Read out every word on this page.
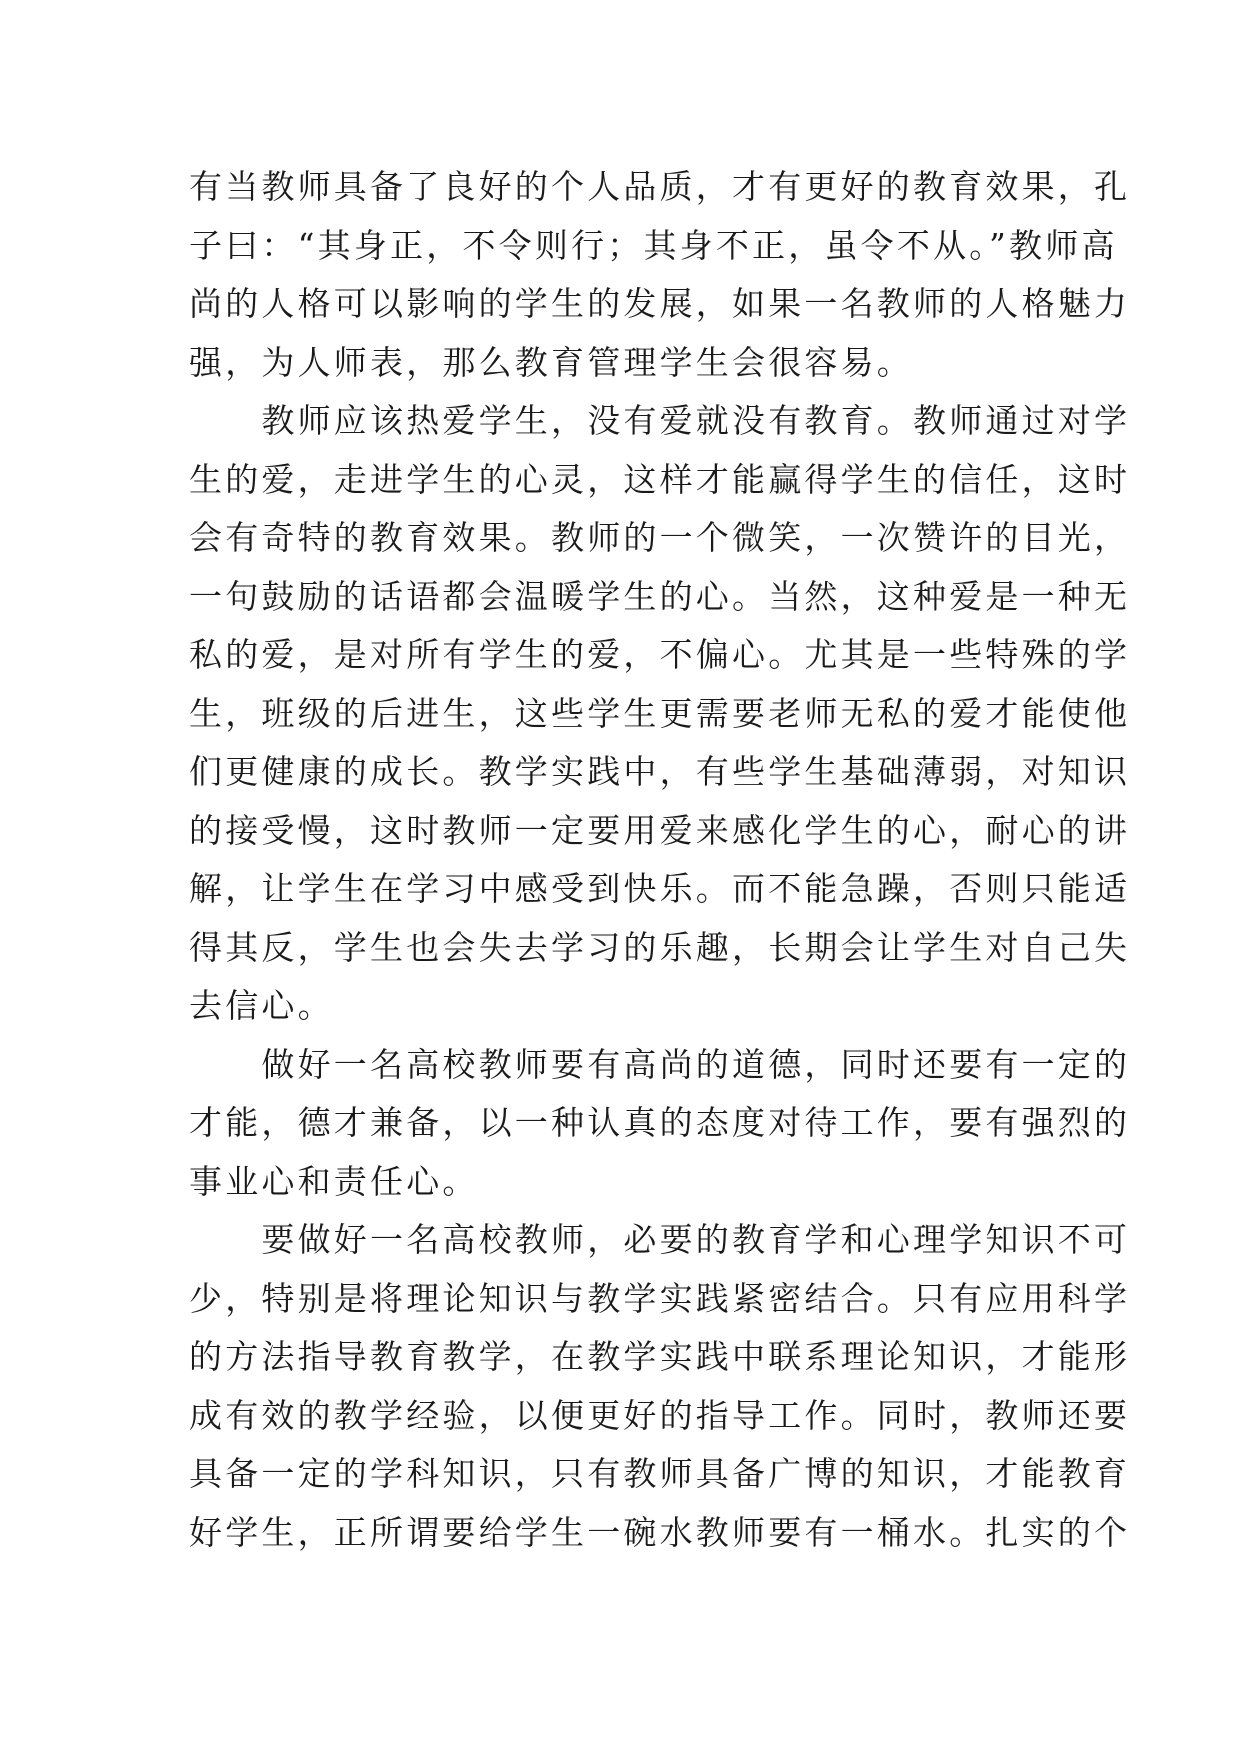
有当教师具备了良好的个人品质，才有更好的教育效果，孔
子曰：“其身正，不令则行；其身不正，虽令不从。”教师高
尚的人格可以影响的学生的发展，如果一名教师的人格魅力
强，为人师表，那么教育管理学生会很容易。
　　教师应该热爱学生，没有爱就没有教育。教师通过对学
生的爱，走进学生的心灵，这样才能赢得学生的信任，这时
会有奇特的教育效果。教师的一个微笑，一次赞许的目光，
一句鼓励的话语都会温暖学生的心。当然，这种爱是一种无
私的爱，是对所有学生的爱，不偏心。尤其是一些特殊的学
生，班级的后进生，这些学生更需要老师无私的爱才能使他
们更健康的成长。教学实践中，有些学生基础薄弱，对知识
的接受慢，这时教师一定要用爱来感化学生的心，耐心的讲
解，让学生在学习中感受到快乐。而不能急躁，否则只能适
得其反，学生也会失去学习的乐趣，长期会让学生对自己失
去信心。
　　做好一名高校教师要有高尚的道德，同时还要有一定的
才能，德才兼备，以一种认真的态度对待工作，要有强烈的
事业心和责任心。
　　要做好一名高校教师，必要的教育学和心理学知识不可
少，特别是将理论知识与教学实践紧密结合。只有应用科学
的方法指导教育教学，在教学实践中联系理论知识，才能形
成有效的教学经验，以便更好的指导工作。同时，教师还要
具备一定的学科知识，只有教师具备广博的知识，才能教育
好学生，正所谓要给学生一碗水教师要有一桶水。扎实的个
